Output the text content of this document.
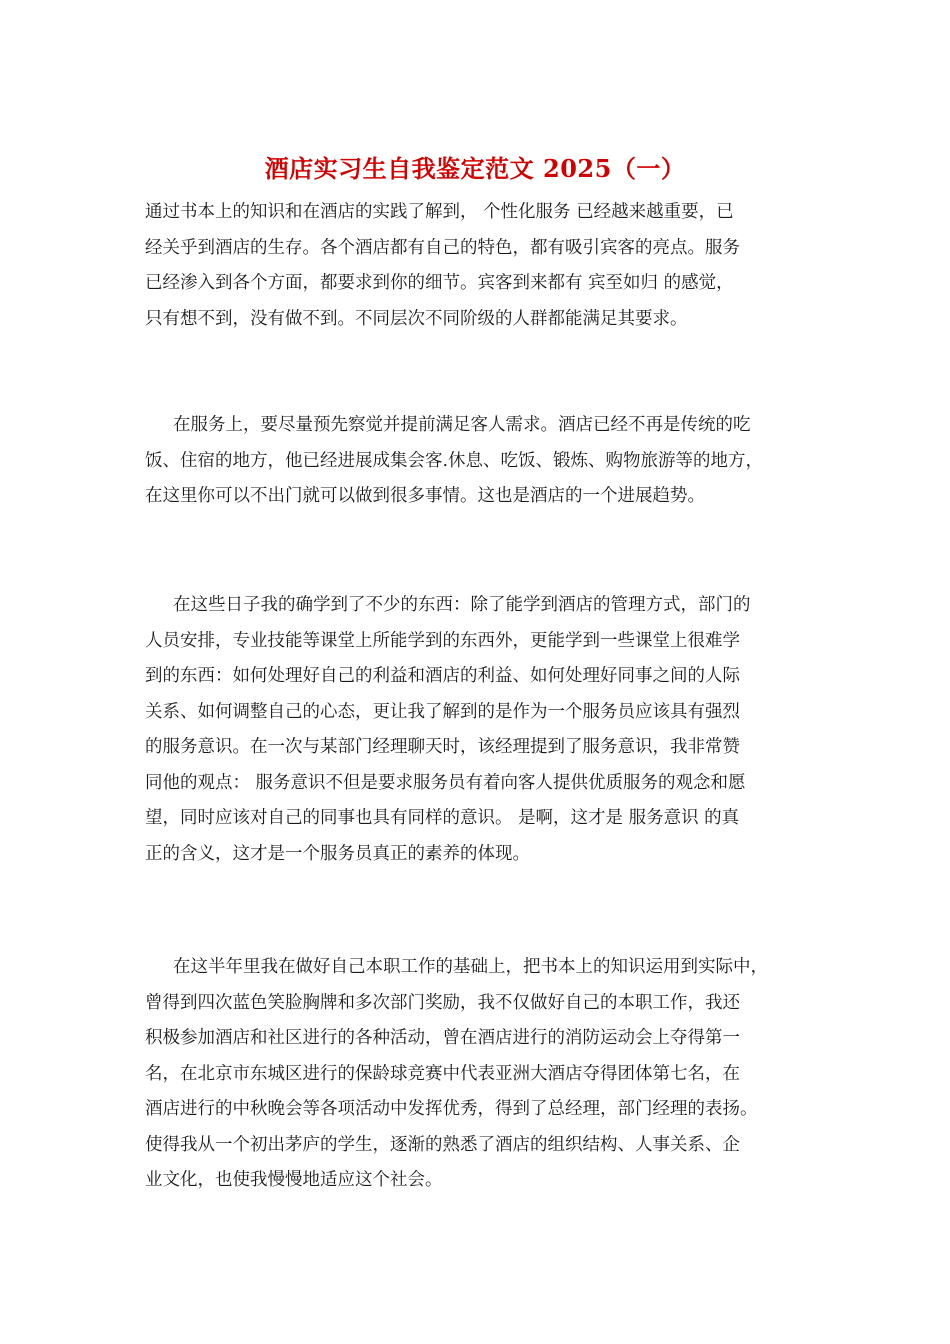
酒店实习生自我鉴定范文 2025（一）

通过书本上的知识和在酒店的实践了解到， 个性化服务 已经越来越重要，已
经关乎到酒店的生存。各个酒店都有自己的特色，都有吸引宾客的亮点。服务
已经渗入到各个方面，都要求到你的细节。宾客到来都有 宾至如归 的感觉，
只有想不到，没有做不到。不同层次不同阶级的人群都能满足其要求。

在服务上，要尽量预先察觉并提前满足客人需求。酒店已经不再是传统的吃
饭、住宿的地方，他已经进展成集会客.休息、吃饭、锻炼、购物旅游等的地方，
在这里你可以不出门就可以做到很多事情。这也是酒店的一个进展趋势。

在这些日子我的确学到了不少的东西：除了能学到酒店的管理方式，部门的
人员安排，专业技能等课堂上所能学到的东西外，更能学到一些课堂上很难学
到的东西：如何处理好自己的利益和酒店的利益、如何处理好同事之间的人际
关系、如何调整自己的心态，更让我了解到的是作为一个服务员应该具有强烈
的服务意识。在一次与某部门经理聊天时，该经理提到了服务意识，我非常赞
同他的观点： 服务意识不但是要求服务员有着向客人提供优质服务的观念和愿
望，同时应该对自己的同事也具有同样的意识。 是啊，这才是 服务意识 的真
正的含义，这才是一个服务员真正的素养的体现。

在这半年里我在做好自己本职工作的基础上，把书本上的知识运用到实际中，
曾得到四次蓝色笑脸胸牌和多次部门奖励，我不仅做好自己的本职工作，我还
积极参加酒店和社区进行的各种活动，曾在酒店进行的消防运动会上夺得第一
名，在北京市东城区进行的保龄球竞赛中代表亚洲大酒店夺得团体第七名，在
酒店进行的中秋晚会等各项活动中发挥优秀，得到了总经理，部门经理的表扬。
使得我从一个初出茅庐的学生，逐渐的熟悉了酒店的组织结构、人事关系、企
业文化，也使我慢慢地适应这个社会。
